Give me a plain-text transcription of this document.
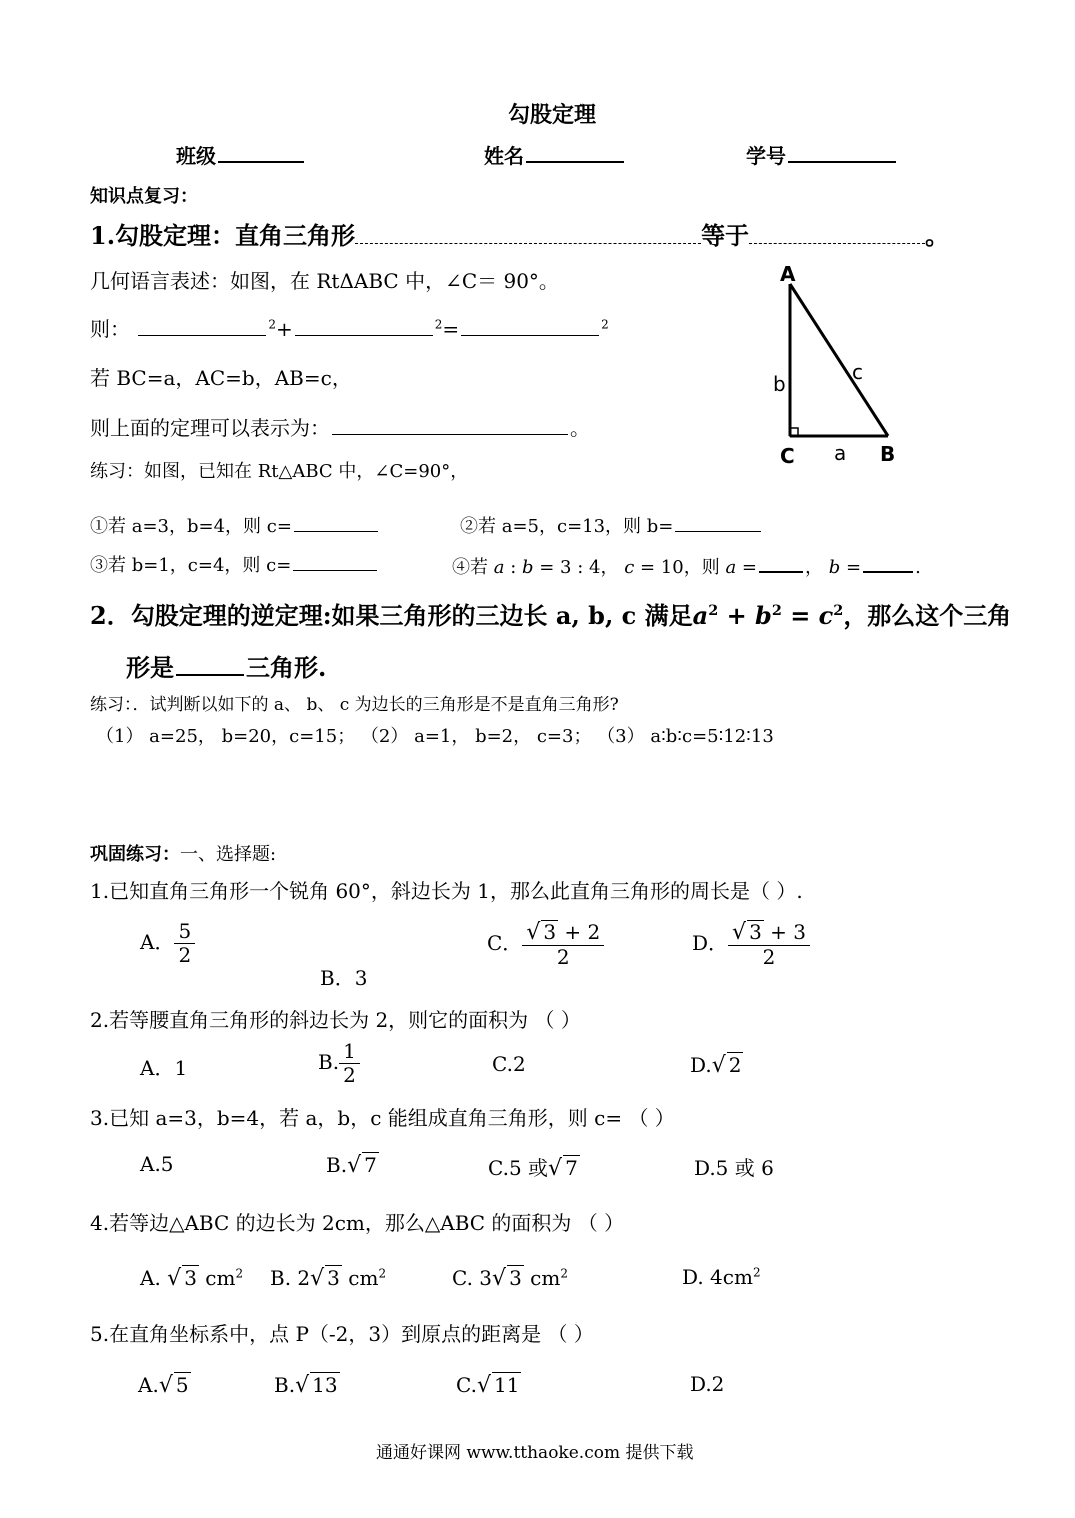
勾股定理
班级	姓名	学号
知识点复习：
1.勾股定理：直角三角形	等于	。
几何语言表述：如图，在 RtΔABC 中，∠C＝ 90°。
则：	$^2$+	$^2$=	$^2$
若 BC=a，AC=b，AB=c，
则上面的定理可以表示为：	。
练习：如图，已知在 Rt△ABC 中，∠C=90°，
A
b	c
C a B
①若 a=3，b=4，则 c=	②若 a=5，c=13，则 b=
③若 b=1，c=4，则 c=	④若 a : b = 3 : 4， c = 10，则 a =	， b =	.
2．勾股定理的逆定理:如果三角形的三边长 a, b, c 满足$a^2 + b^2 = c^2$，那么这个三角
形是	三角形.
练习：．试判断以如下的 a、 b、 c 为边长的三角形是不是直角三角形?
（1） a=25， b=20，c=15； （2） a=1， b=2， c=3； （3） a∶b∶c=5∶12∶13
巩固练习：一、选择题:
1.已知直角三角形一个锐角 60°，斜边长为 1，那么此直角三角形的周长是（ ）.
A． $\frac{5}{2}$
B．3
C． $\frac{√ 3 + 2}{2}$	D． $\frac{√ 3 + 3}{2}$
2.若等腰直角三角形的斜边长为 2，则它的面积为 （ ）
A．1	B. $\frac{1}{2}$	C.2	D.√ 2
3.已知 a=3，b=4，若 a，b，c 能组成直角三角形，则 c= （ ）
A.5	B.√ 7	C.5 或√ 7	D.5 或 6
4.若等边△ABC 的边长为 2cm，那么△ABC 的面积为 （ ）
A. √ 3 $cm^2$ B. 2√ 3 $cm^2$	C. 3√ 3 $cm^2$	D. $4cm^2$
5.在直角坐标系中，点 P（-2，3）到原点的距离是 （ ）
A.√ 5	B.√ 13	C.√ 11	D.2
通通好课网 www.tthaoke.com 提供下载
